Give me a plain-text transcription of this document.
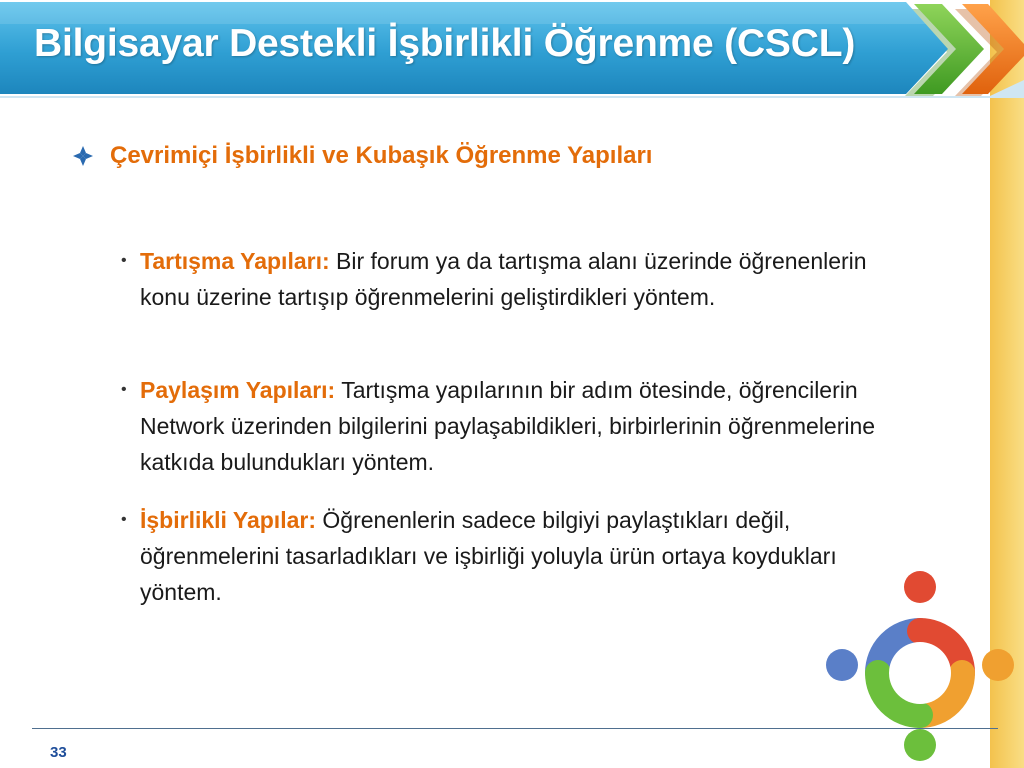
Bilgisayar Destekli İşbirlikli Öğrenme (CSCL)
Çevrimiçi İşbirlikli ve Kubaşık Öğrenme Yapıları
• Tartışma Yapıları: Bir forum ya da tartışma alanı üzerinde öğrenenlerin konu üzerine tartışıp öğrenmelerini geliştirdikleri yöntem.
• Paylaşım Yapıları: Tartışma yapılarının bir adım ötesinde, öğrencilerin Network üzerinden bilgilerini paylaşabildikleri, birbirlerinin öğrenmelerine katkıda bulundukları yöntem.
• İşbirlikli Yapılar: Öğrenenlerin sadece bilgiyi paylaştıkları değil, öğrenmelerini tasarladıkları ve işbirliği yoluyla ürün ortaya koydukları yöntem.
33
